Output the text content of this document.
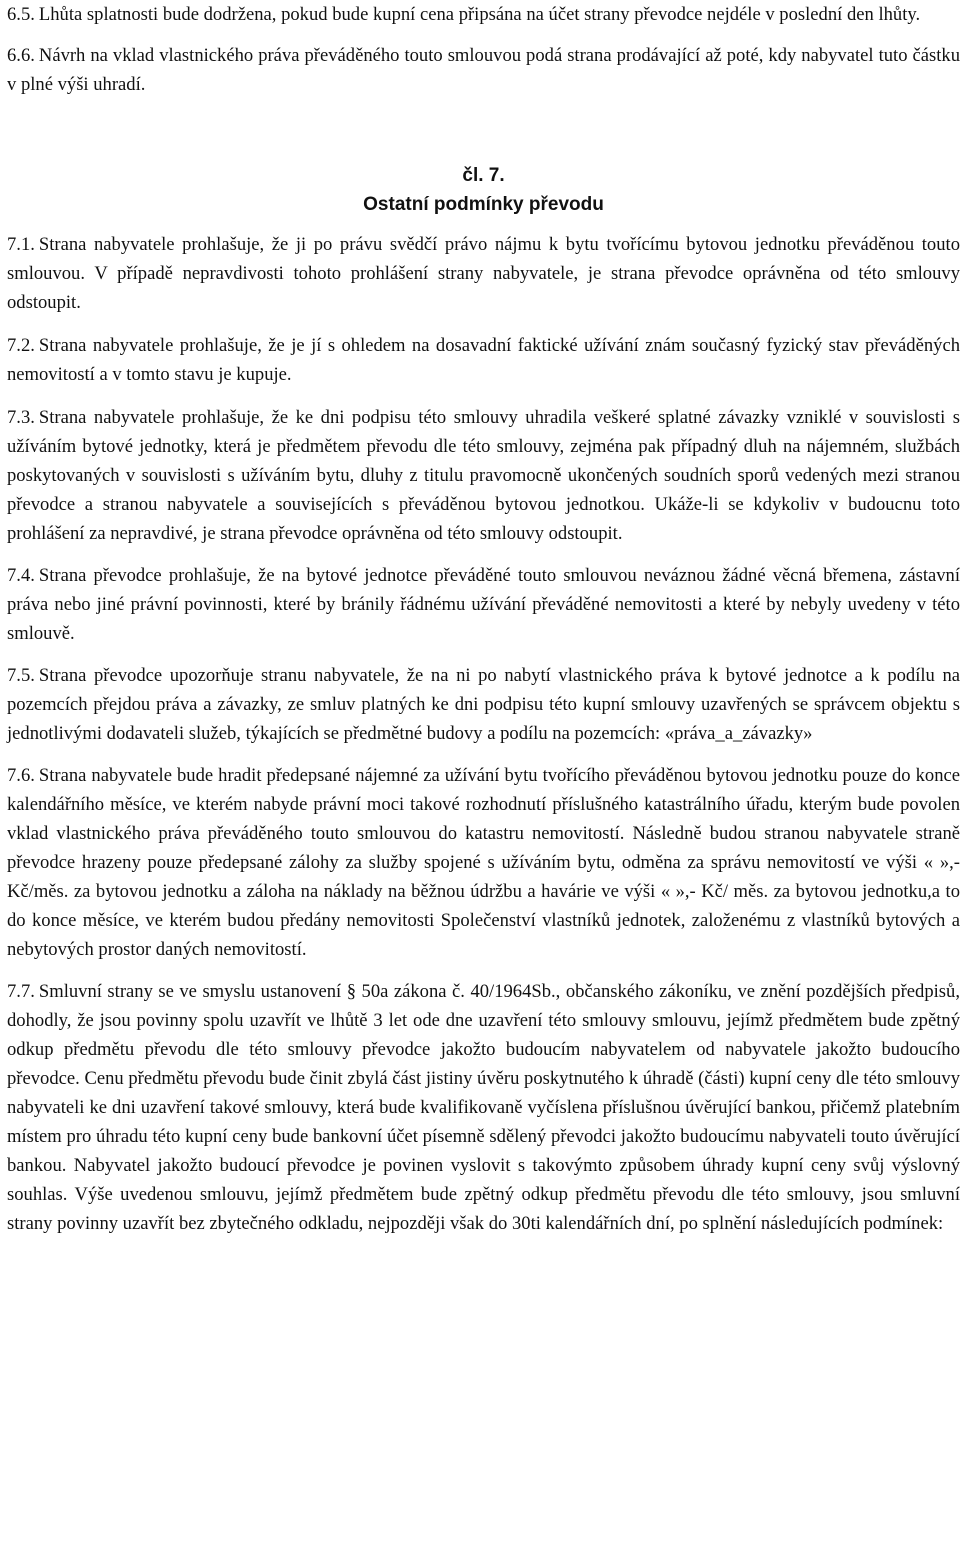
6.5. Lhůta splatnosti bude dodržena, pokud bude kupní cena připsána na účet strany převodce nejdéle v poslední den lhůty.

6.6. Návrh na vklad vlastnického práva převáděného touto smlouvou podá strana prodávající až poté, kdy nabyvatel tuto částku v plné výši uhradí.

čl. 7.

Ostatní podmínky převodu

7.1. Strana nabyvatele prohlašuje, že ji po právu svědčí právo nájmu k bytu tvořícímu bytovou jednotku převáděnou touto smlouvou. V případě nepravdivosti tohoto prohlášení strany nabyvatele, je strana převodce oprávněna od této smlouvy odstoupit.

7.2. Strana nabyvatele prohlašuje, že je jí s ohledem na dosavadní faktické užívání znám současný fyzický stav převáděných nemovitostí a v tomto stavu je kupuje.

7.3. Strana nabyvatele prohlašuje, že ke dni podpisu této smlouvy uhradila veškeré splatné závazky vzniklé v souvislosti s užíváním bytové jednotky, která je předmětem převodu dle této smlouvy, zejména pak případný dluh na nájemném, službách poskytovaných v souvislosti s užíváním bytu, dluhy z titulu pravomocně ukončených soudních sporů vedených mezi stranou převodce a stranou nabyvatele a souvisejících s převáděnou bytovou jednotkou. Ukáže-li se kdykoliv v budoucnu toto prohlášení za nepravdivé, je strana převodce oprávněna od této smlouvy odstoupit.

7.4. Strana převodce prohlašuje, že na bytové jednotce převáděné touto smlouvou neváznou žádné věcná břemena, zástavní práva nebo jiné právní povinnosti, které by bránily řádnému užívání převáděné nemovitosti a které by nebyly uvedeny v této smlouvě.

7.5. Strana převodce upozorňuje stranu nabyvatele, že na ni po nabytí vlastnického práva k bytové jednotce a k podílu na pozemcích přejdou práva a závazky, ze smluv platných ke dni podpisu této kupní smlouvy uzavřených se správcem objektu s jednotlivými dodavateli služeb, týkajících se předmětné budovy a podílu na pozemcích: «práva_a_závazky»

7.6. Strana nabyvatele bude hradit předepsané nájemné za užívání bytu tvořícího převáděnou bytovou jednotku pouze do konce kalendářního měsíce, ve kterém nabyde právní moci takové rozhodnutí příslušného katastrálního úřadu, kterým bude povolen vklad vlastnického práva převáděného touto smlouvou do katastru nemovitostí. Následně budou stranou nabyvatele straně převodce hrazeny pouze předepsané zálohy za služby spojené s užíváním bytu, odměna za správu nemovitostí ve výši « »,- Kč/měs. za bytovou jednotku a záloha na náklady na běžnou údržbu a havárie ve výši « »,- Kč/ měs. za bytovou jednotku,a to do konce měsíce, ve kterém budou předány nemovitosti Společenství vlastníků jednotek, založenému z vlastníků bytových a nebytových prostor daných nemovitostí.

7.7. Smluvní strany se ve smyslu ustanovení § 50a zákona č. 40/1964Sb., občanského zákoníku, ve znění pozdějších předpisů, dohodly, že jsou povinny spolu uzavřít ve lhůtě 3 let ode dne uzavření této smlouvy smlouvu, jejímž předmětem bude zpětný odkup předmětu převodu dle této smlouvy převodce jakožto budoucím nabyvatelem od nabyvatele jakožto budoucího převodce. Cenu předmětu převodu bude činit zbylá část jistiny úvěru poskytnutého k úhradě (části) kupní ceny dle této smlouvy nabyvateli ke dni uzavření takové smlouvy, která bude kvalifikovaně vyčíslena příslušnou úvěrující bankou, přičemž platebním místem pro úhradu této kupní ceny bude bankovní účet písemně sdělený převodci jakožto budoucímu nabyvateli touto úvěrující bankou. Nabyvatel jakožto budoucí převodce je povinen vyslovit s takovýmto způsobem úhrady kupní ceny svůj výslovný souhlas. Výše uvedenou smlouvu, jejímž předmětem bude zpětný odkup předmětu převodu dle této smlouvy, jsou smluvní strany povinny uzavřít bez zbytečného odkladu, nejpozději však do 30ti kalendářních dní, po splnění následujících podmínek:
